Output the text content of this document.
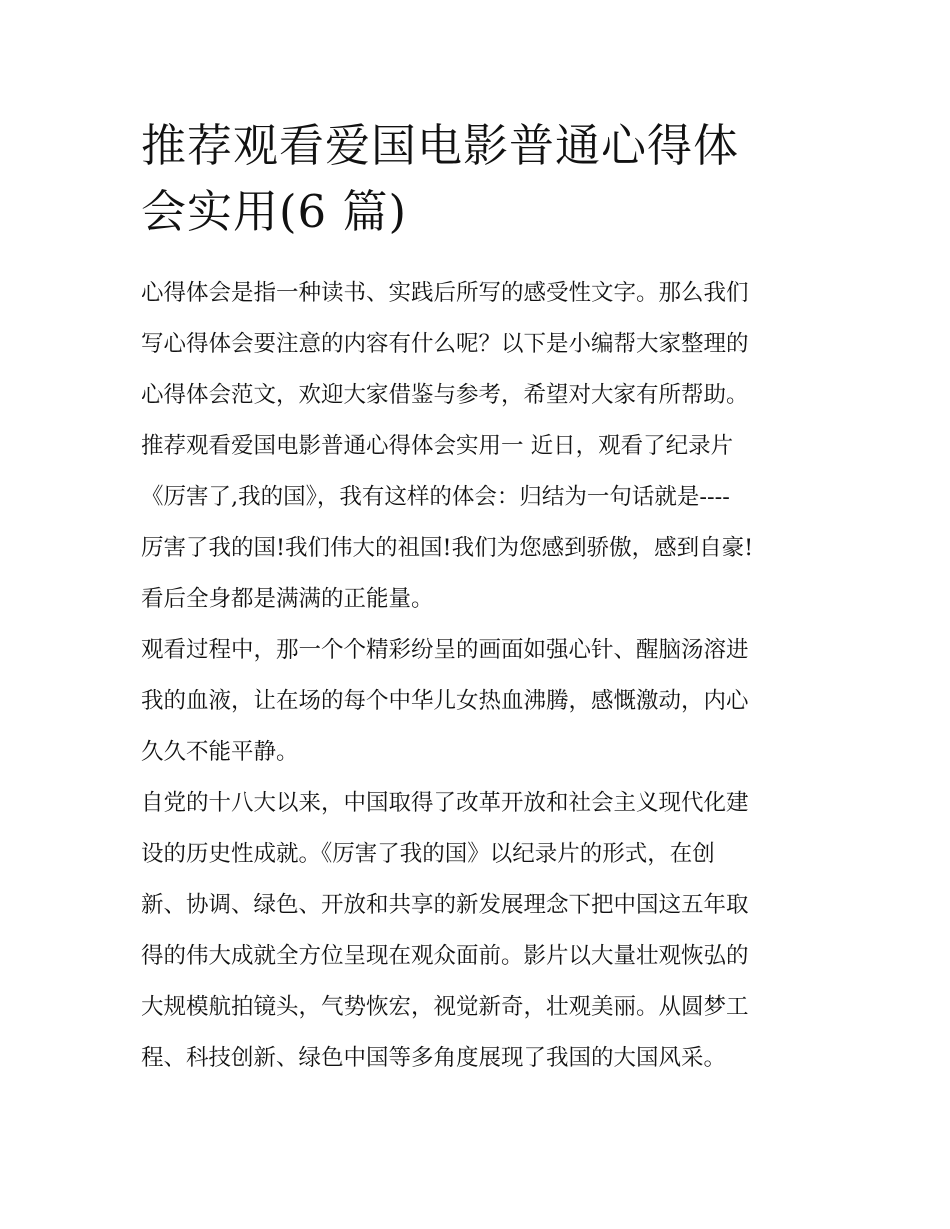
推荐观看爱国电影普通心得体
会实用(6 篇)
心得体会是指一种读书、实践后所写的感受性文字。那么我们
写心得体会要注意的内容有什么呢？以下是小编帮大家整理的
心得体会范文，欢迎大家借鉴与参考，希望对大家有所帮助。
推荐观看爱国电影普通心得体会实用一 近日，观看了纪录片
《厉害了,我的国》，我有这样的体会：归结为一句话就是----
厉害了我的国!我们伟大的祖国!我们为您感到骄傲，感到自豪!
看后全身都是满满的正能量。
观看过程中，那一个个精彩纷呈的画面如强心针、醒脑汤溶进
我的血液，让在场的每个中华儿女热血沸腾，感慨激动，内心
久久不能平静。
自党的十八大以来，中国取得了改革开放和社会主义现代化建
设的历史性成就。《厉害了我的国》以纪录片的形式，在创
新、协调、绿色、开放和共享的新发展理念下把中国这五年取
得的伟大成就全方位呈现在观众面前。影片以大量壮观恢弘的
大规模航拍镜头，气势恢宏，视觉新奇，壮观美丽。从圆梦工
程、科技创新、绿色中国等多角度展现了我国的大国风采。
